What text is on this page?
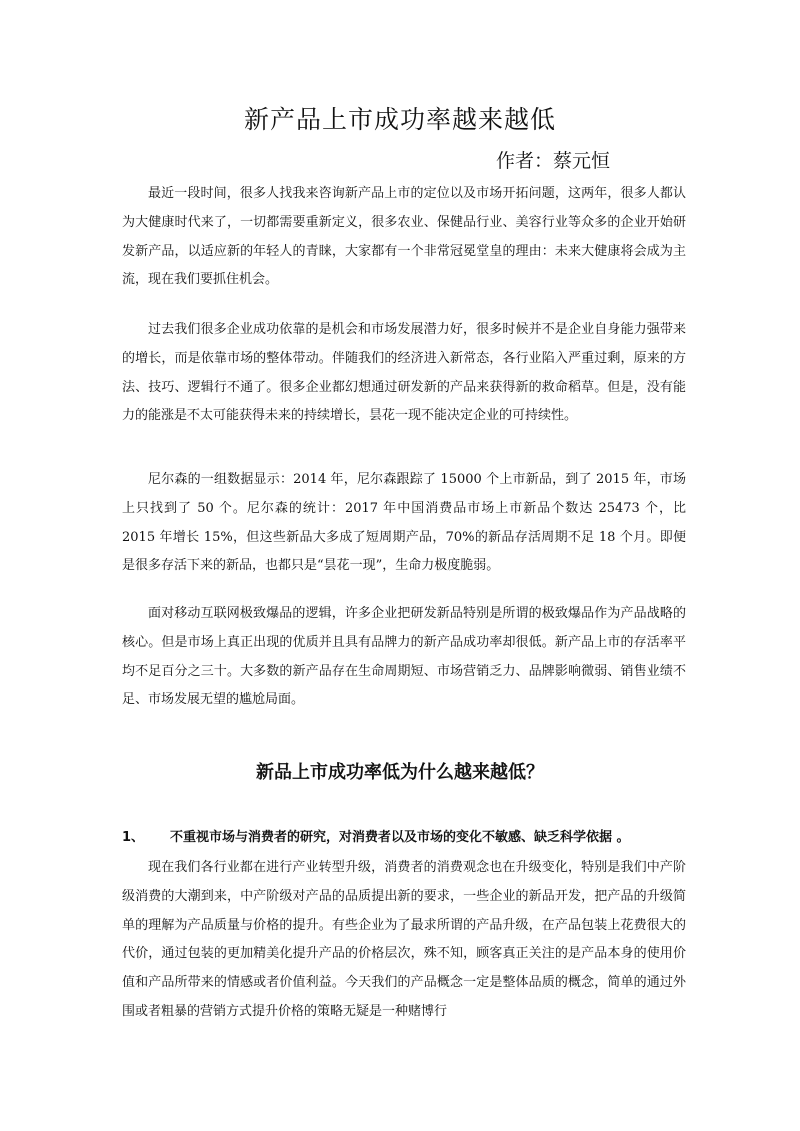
新产品上市成功率越来越低
作者：蔡元恒

最近一段时间，很多人找我来咨询新产品上市的定位以及市场开拓问题，这两年，很多人都认为大健康时代来了，一切都需要重新定义，很多农业、保健品行业、美容行业等众多的企业开始研发新产品，以适应新的年轻人的青睐，大家都有一个非常冠冕堂皇的理由：未来大健康将会成为主流，现在我们要抓住机会。

过去我们很多企业成功依靠的是机会和市场发展潜力好，很多时候并不是企业自身能力强带来的增长，而是依靠市场的整体带动。伴随我们的经济进入新常态，各行业陷入严重过剩，原来的方法、技巧、逻辑行不通了。很多企业都幻想通过研发新的产品来获得新的救命稻草。但是，没有能力的能涨是不太可能获得未来的持续增长，昙花一现不能决定企业的可持续性。

尼尔森的一组数据显示：2014 年，尼尔森跟踪了 15000 个上市新品，到了 2015 年，市场上只找到了 50 个。尼尔森的统计：2017 年中国消费品市场上市新品个数达 25473 个，比 2015 年增长 15%，但这些新品大多成了短周期产品，70%的新品存活周期不足 18 个月。即便是很多存活下来的新品，也都只是“昙花一现”，生命力极度脆弱。

面对移动互联网极致爆品的逻辑，许多企业把研发新品特别是所谓的极致爆品作为产品战略的核心。但是市场上真正出现的优质并且具有品牌力的新产品成功率却很低。新产品上市的存活率平均不足百分之三十。大多数的新产品存在生命周期短、市场营销乏力、品牌影响微弱、销售业绩不足、市场发展无望的尴尬局面。

新品上市成功率低为什么越来越低？
1、 不重视市场与消费者的研究，对消费者以及市场的变化不敏感、缺乏科学依据 。

现在我们各行业都在进行产业转型升级，消费者的消费观念也在升级变化，特别是我们中产阶级消费的大潮到来，中产阶级对产品的品质提出新的要求，一些企业的新品开发，把产品的升级简单的理解为产品质量与价格的提升。有些企业为了最求所谓的产品升级，在产品包装上花费很大的代价，通过包装的更加精美化提升产品的价格层次，殊不知，顾客真正关注的是产品本身的使用价值和产品所带来的情感或者价值利益。今天我们的产品概念一定是整体品质的概念，简单的通过外围或者粗暴的营销方式提升价格的策略无疑是一种赌博行
